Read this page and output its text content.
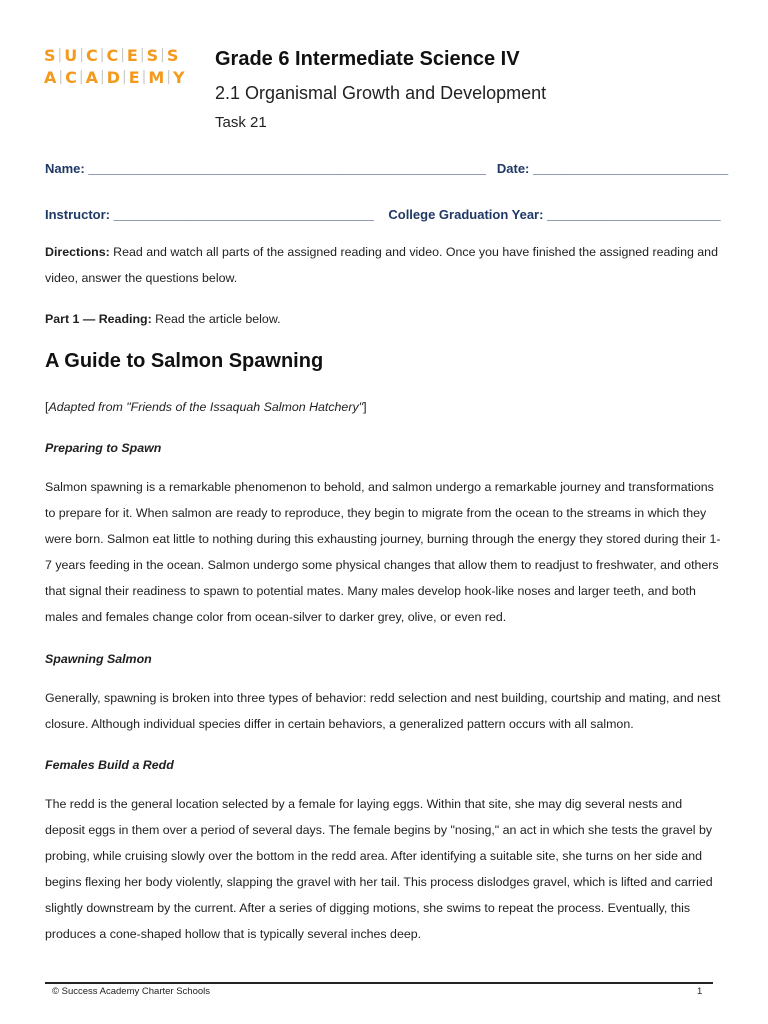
S | U | C | C | E | S | S
A | C | A | D | E | M | Y
Grade 6 Intermediate Science IV
2.1 Organismal Growth and Development
Task 21
Name: _______________________________________________________ Date: ___________________________
Instructor: ____________________________________ College Graduation Year: ________________________
Directions: Read and watch all parts of the assigned reading and video. Once you have finished the assigned reading and video, answer the questions below.
Part 1 — Reading: Read the article below.
A Guide to Salmon Spawning
[Adapted from "Friends of the Issaquah Salmon Hatchery"]
Preparing to Spawn
Salmon spawning is a remarkable phenomenon to behold, and salmon undergo a remarkable journey and transformations to prepare for it. When salmon are ready to reproduce, they begin to migrate from the ocean to the streams in which they were born. Salmon eat little to nothing during this exhausting journey, burning through the energy they stored during their 1-7 years feeding in the ocean. Salmon undergo some physical changes that allow them to readjust to freshwater, and others that signal their readiness to spawn to potential mates. Many males develop hook-like noses and larger teeth, and both males and females change color from ocean-silver to darker grey, olive, or even red.
Spawning Salmon
Generally, spawning is broken into three types of behavior: redd selection and nest building, courtship and mating, and nest closure. Although individual species differ in certain behaviors, a generalized pattern occurs with all salmon.
Females Build a Redd
The redd is the general location selected by a female for laying eggs. Within that site, she may dig several nests and deposit eggs in them over a period of several days. The female begins by "nosing," an act in which she tests the gravel by probing, while cruising slowly over the bottom in the redd area. After identifying a suitable site, she turns on her side and begins flexing her body violently, slapping the gravel with her tail. This process dislodges gravel, which is lifted and carried slightly downstream by the current. After a series of digging motions, she swims to repeat the process. Eventually, this produces a cone-shaped hollow that is typically several inches deep.
© Success Academy Charter Schools	1
